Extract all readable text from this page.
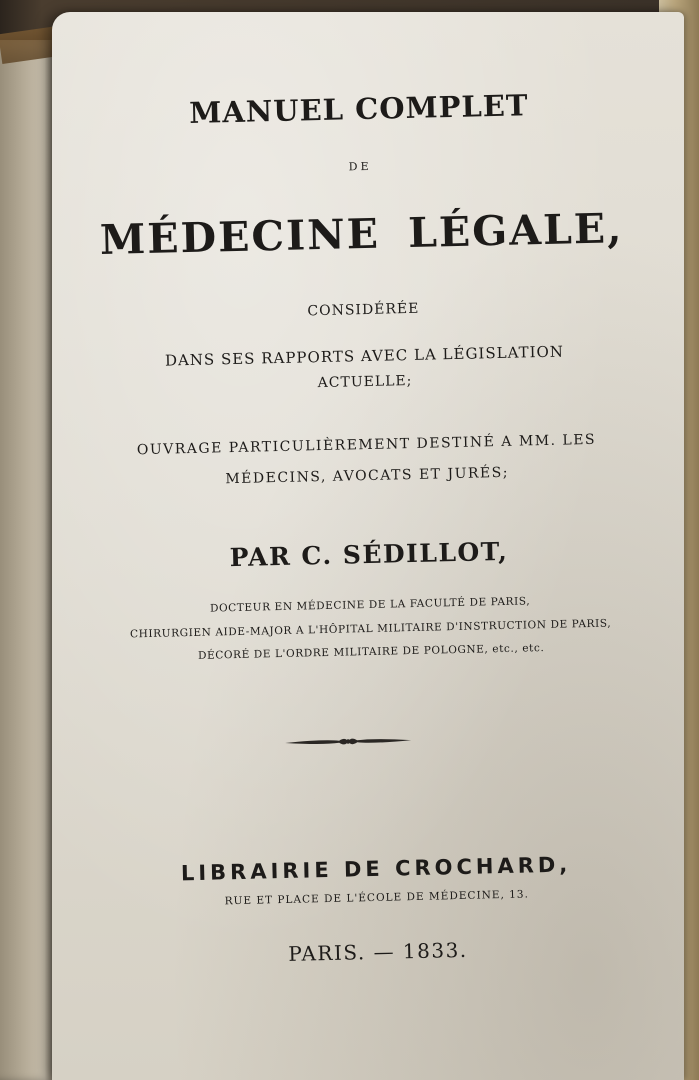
MANUEL COMPLET
DE
MÉDECINE LÉGALE,
CONSIDÉRÉE
DANS SES RAPPORTS AVEC LA LÉGISLATION
ACTUELLE;
OUVRAGE PARTICULIÈREMENT DESTINÉ A MM. LES
MÉDECINS, AVOCATS ET JURÉS;
PAR C. SÉDILLOT,
DOCTEUR EN MÉDECINE DE LA FACULTÉ DE PARIS,
CHIRURGIEN AIDE-MAJOR A L'HÔPITAL MILITAIRE D'INSTRUCTION DE PARIS,
DÉCORÉ DE L'ORDRE MILITAIRE DE POLOGNE, etc., etc.
LIBRAIRIE DE CROCHARD,
RUE ET PLACE DE L'ÉCOLE DE MÉDECINE, 13.
PARIS. — 1833.
